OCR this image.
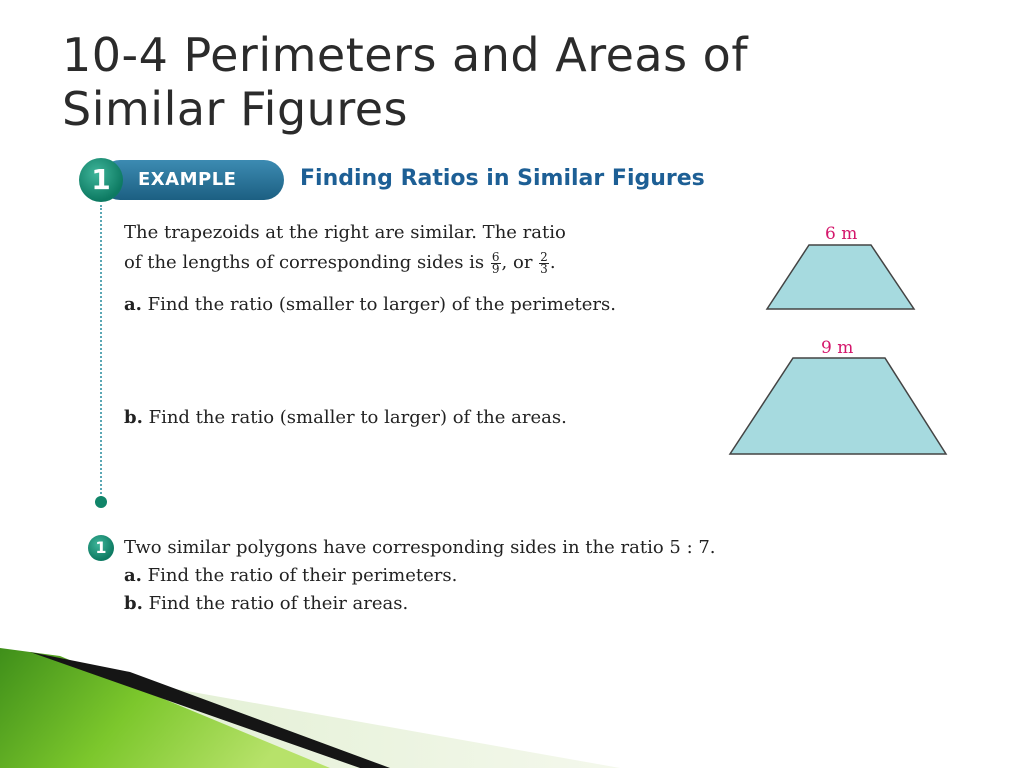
10-4 Perimeters and Areas of
Similar Figures
EXAMPLE
1	Finding Ratios in Similar Figures
The trapezoids at the right are similar. The ratio
of the lengths of corresponding sides is $\frac{6}{9}$ , or $\frac{2}{3}$ .
a. Find the ratio (smaller to larger) of the perimeters.
b. Find the ratio (smaller to larger) of the areas.
6 m
9 m
1 Two similar polygons have corresponding sides in the ratio 5 : 7.
a. Find the ratio of their perimeters.
b. Find the ratio of their areas.
